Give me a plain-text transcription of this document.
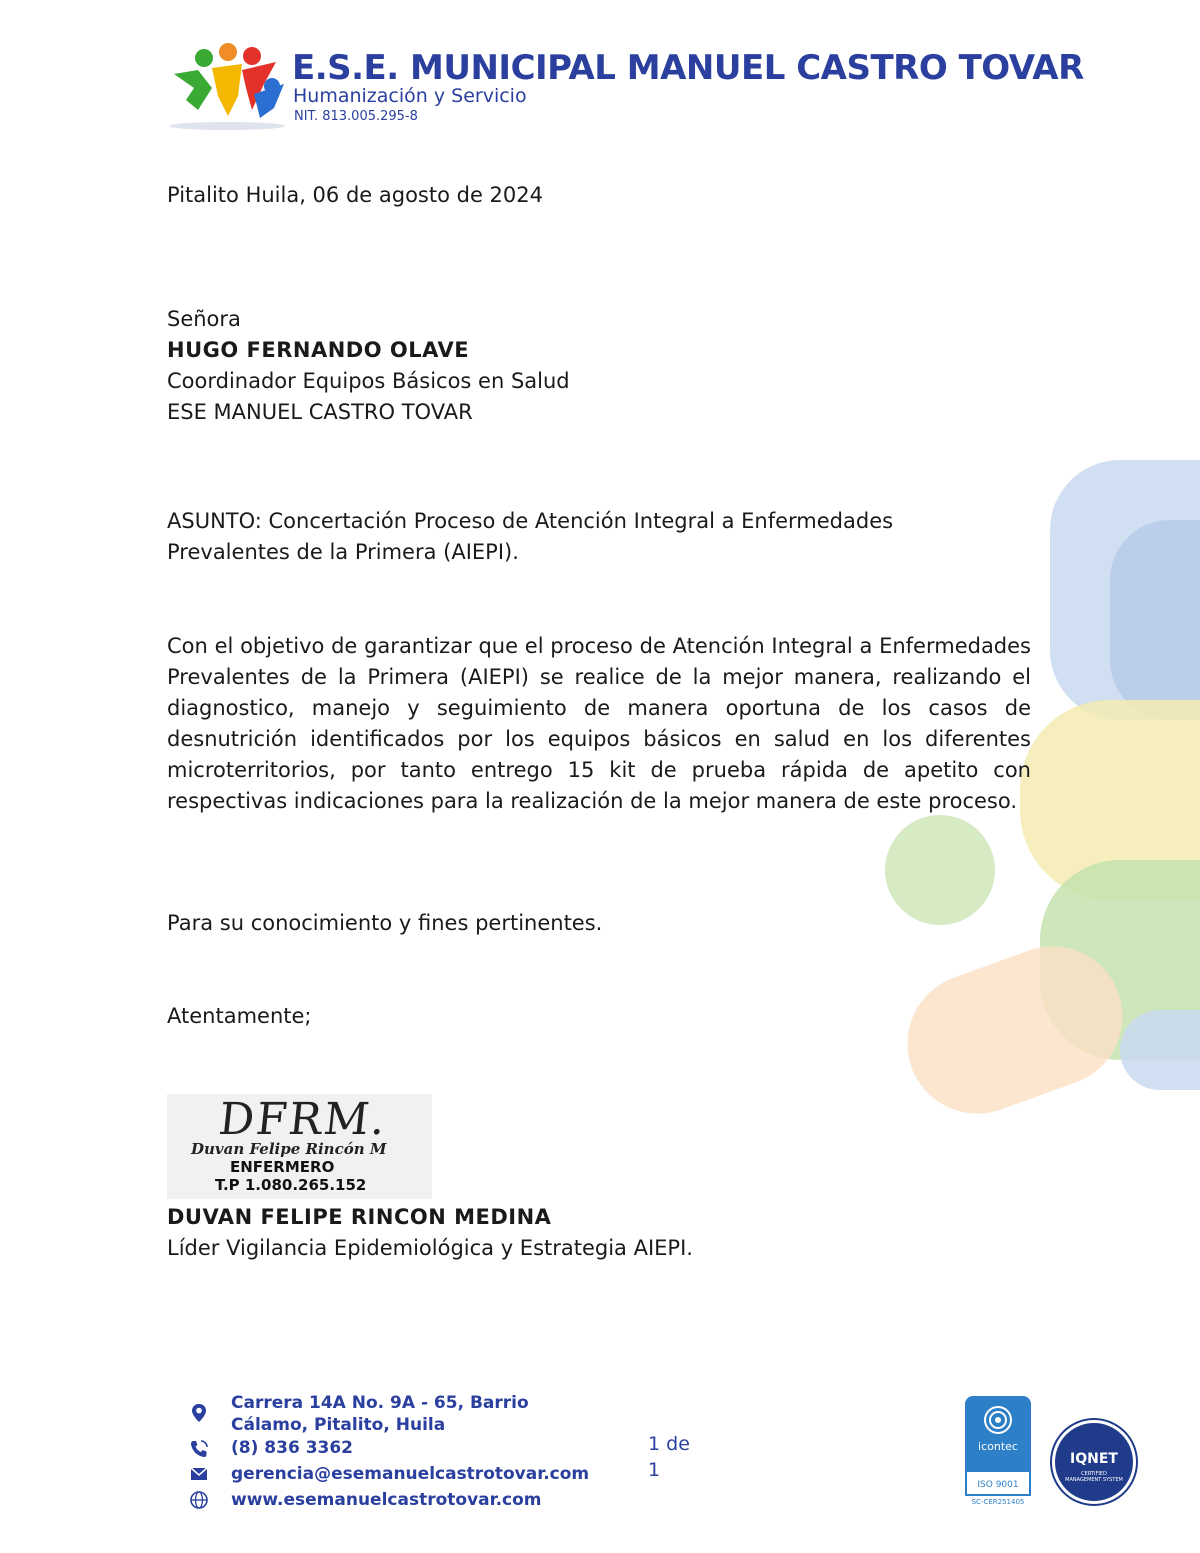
E.S.E. MUNICIPAL MANUEL CASTRO TOVAR
Humanización y Servicio
NIT. 813.005.295-8
Pitalito Huila, 06 de agosto de 2024
Señora
HUGO FERNANDO OLAVE
Coordinador Equipos Básicos en Salud
ESE MANUEL CASTRO TOVAR
ASUNTO: Concertación Proceso de Atención Integral a Enfermedades
Prevalentes de la Primera (AIEPI).
Con el objetivo de garantizar que el proceso de Atención Integral a Enfermedades Prevalentes de la Primera (AIEPI) se realice de la mejor manera, realizando el diagnostico, manejo y seguimiento de manera oportuna de los casos de desnutrición identificados por los equipos básicos en salud en los diferentes microterritorios, por tanto entrego 15 kit de prueba rápida de apetito con respectivas indicaciones para la realización de la mejor manera de este proceso.
Para su conocimiento y fines pertinentes.
Atentamente;
DFRM.
Duvan Felipe Rincón M
ENFERMERO
T.P 1.080.265.152
DUVAN FELIPE RINCON MEDINA
Líder Vigilancia Epidemiológica y Estrategia AIEPI.
Carrera 14A No. 9A - 65, Barrio
Cálamo, Pitalito, Huila
(8) 836 3362
gerencia@esemanuelcastrotovar.com
www.esemanuelcastrotovar.com
1 de
1
icontec
ISO 9001
SC-CER251405
IQNET
CERTIFIED MANAGEMENT SYSTEM
